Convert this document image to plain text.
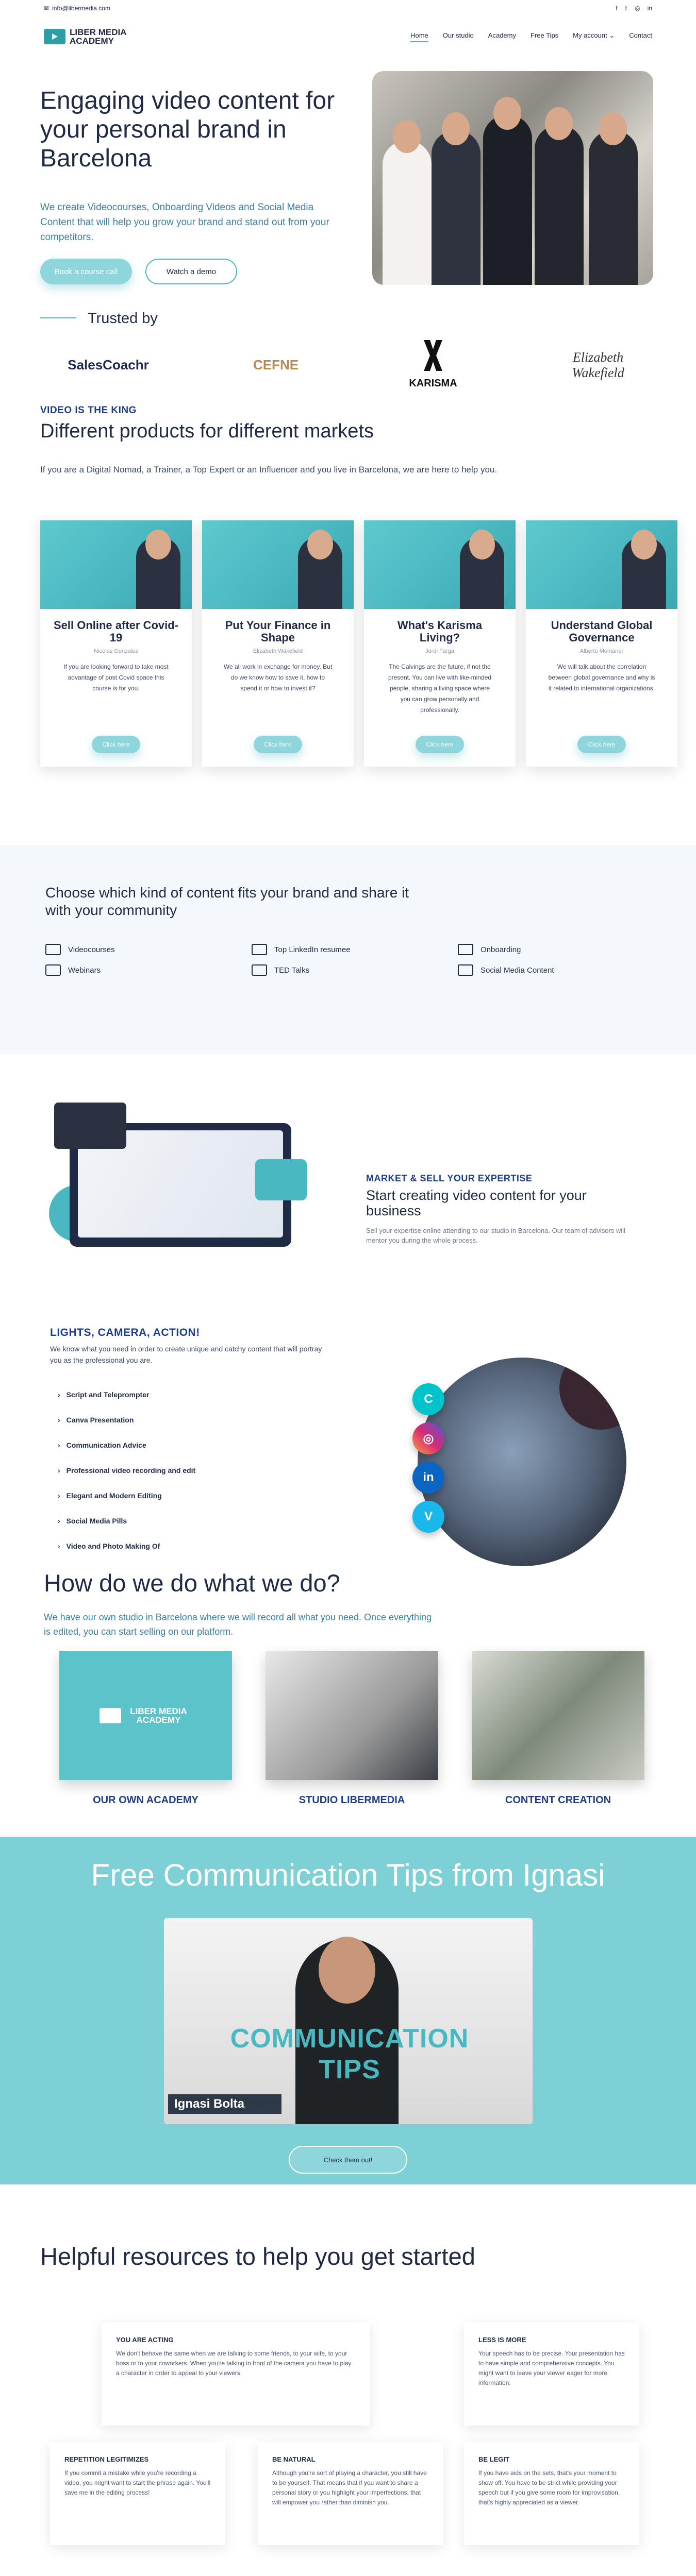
✉ info@libermedia.com	f 𝕥 ◎ in
LIBER MEDIA ACADEMY
Home Our studio Academy Free Tips My account ⌄ Contact
Engaging video content for your personal brand in Barcelona

We create Videocourses, Onboarding Videos and Social Media Content that will help you grow your brand and stand out from your competitors.

Book a course call	Watch a demo
Trusted by
SalesCoachr	CEFNE
KARISMA
Elizabeth Wakefield
VIDEO IS THE KING
Different products for different markets

If you are a Digital Nomad, a Trainer, a Top Expert or an Influencer and you live in Barcelona, we are here to help you.

Sell Online after Covid-19
Nicolas Gonzalez
If you are looking forward to take most advantage of post Covid space this course is for you.
Click here
Put Your Finance in Shape
Elizabeth Wakefield
We all work in exchange for money. But do we know how to save it, how to spend it or how to invest it?
Click here
What's Karisma Living?
Jordi Farga
The Calvings are the future, if not the present. You can live with like-minded people, sharing a living space where you can grow personally and professionally.
Click here
Understand Global Governance
Alberto Montaner
We will talk about the correlation between global governance and why is it related to international organizations.
Click here
Choose which kind of content fits your brand and share it with your community
Videocourses	Top LinkedIn resumee	Onboarding
Webinars	TED Talks	Social Media Content
MARKET & SELL YOUR EXPERTISE
Start creating video content for your business

Sell your expertise online attending to our studio in Barcelona. Our team of advisors will mentor you during the whole process.

LIGHTS, CAMERA, ACTION!

We know what you need in order to create unique and catchy content that will portray you as the professional you are.

› Script and Teleprompter
› Canva Presentation
› Communication Advice
› Professional video recording and edit
› Elegant and Modern Editing
› Social Media Pills
› Video and Photo Making Of
C
◎
in
V
How do we do what we do?

We have our own studio in Barcelona where we will record all what you need. Once everything is edited, you can start selling on our platform.

LIBER MEDIA ACADEMY
OUR OWN ACADEMY	STUDIO LIBERMEDIA	CONTENT CREATION
Free Communication Tips from Ignasi
COMMUNICATION TIPS
Ignasi Bolta
Check them out!
Helpful resources to help you get started
YOU ARE ACTING

We don't behave the same when we are talking to some friends, to your wife, to your boss or to your coworkers. When you're talking in front of the camera you have to play a character in order to appeal to your viewers.

LESS IS MORE

Your speech has to be precise. Your presentation has to have simple and comprehensive concepts. You might want to leave your viewer eager for more information.

REPETITION LEGITIMIZES

If you commit a mistake while you're recording a video, you might want to start the phrase again. You'll save me in the editing process!

BE NATURAL

Although you're sort of playing a character, you still have to be yourself. That means that if you want to share a personal story or you highlight your imperfections, that will empower you rather than diminish you.

BE LEGIT

If you have aids on the sets, that's your moment to show off. You have to be strict while providing your speech but if you give some room for improvisation, that's highly appreciated as a viewer.
